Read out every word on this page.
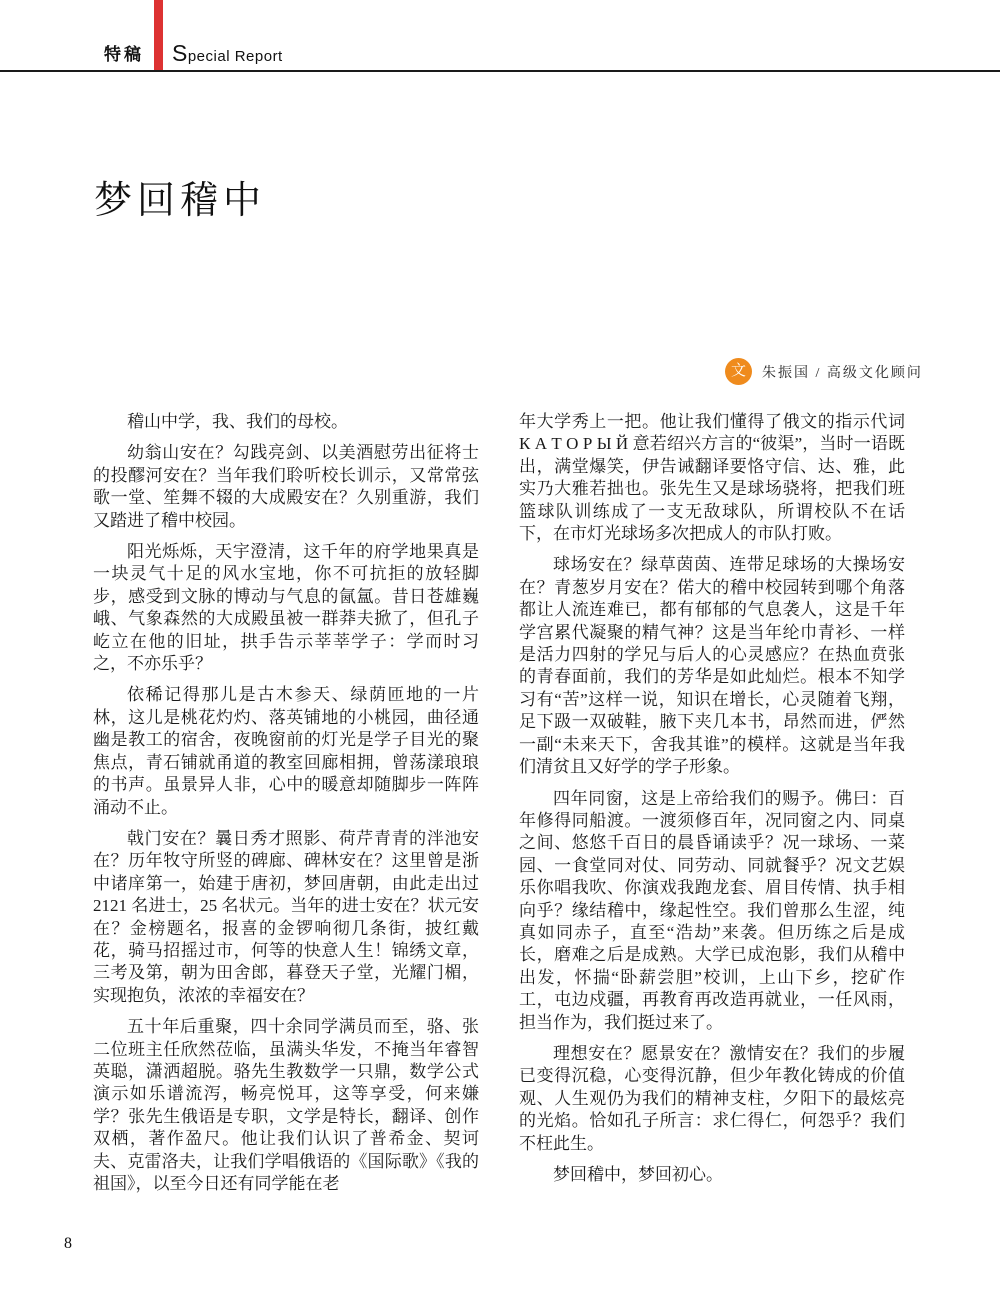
特稿 Special Report
梦回稽中
文	朱振国 / 高级文化顾问

稽山中学，我、我们的母校。

幼翁山安在？勾践亮剑、以美酒慰劳出征将士的投醪河安在？当年我们聆听校长训示，又常常弦歌一堂、笙舞不辍的大成殿安在？久别重游，我们又踏进了稽中校园。

阳光烁烁，天宇澄清，这千年的府学地果真是一块灵气十足的风水宝地，你不可抗拒的放轻脚步，感受到文脉的博动与气息的氤氲。昔日苍雄巍峨、气象森然的大成殿虽被一群莽夫掀了，但孔子屹立在他的旧址，拱手告示莘莘学子：学而时习之，不亦乐乎？

依稀记得那儿是古木参天、绿荫匝地的一片林，这儿是桃花灼灼、落英铺地的小桃园，曲径通幽是教工的宿舍，夜晚窗前的灯光是学子目光的聚焦点，青石铺就甬道的教室回廊相拥，曾荡漾琅琅的书声。虽景异人非，心中的暖意却随脚步一阵阵涌动不止。

戟门安在？曩日秀才照影、荷芹青青的泮池安在？历年牧守所竖的碑廊、碑林安在？这里曾是浙中诸庠第一，始建于唐初，梦回唐朝，由此走出过 2121 名进士，25 名状元。当年的进士安在？状元安在？金榜题名，报喜的金锣响彻几条街，披红戴花，骑马招摇过市，何等的快意人生！锦绣文章，三考及第，朝为田舍郎，暮登天子堂，光耀门楣，实现抱负，浓浓的幸福安在？

五十年后重聚，四十余同学满员而至，骆、张二位班主任欣然莅临，虽满头华发，不掩当年睿智英聪，潇洒超脱。骆先生教数学一只鼎，数学公式演示如乐谱流泻，畅亮悦耳，这等享受，何来嫌学？张先生俄语是专职，文学是特长，翻译、创作双栖，著作盈尺。他让我们认识了普希金、契诃夫、克雷洛夫，让我们学唱俄语的《国际歌》《我的祖国》，以至今日还有同学能在老

年大学秀上一把。他让我们懂得了俄文的指示代词 К А Т О Р Ы Й 意若绍兴方言的“彼渠”，当时一语既出，满堂爆笑，伊告诫翻译要恪守信、达、雅，此实乃大雅若拙也。张先生又是球场骁将，把我们班篮球队训练成了一支无敌球队，所谓校队不在话下，在市灯光球场多次把成人的市队打败。

球场安在？绿草茵茵、连带足球场的大操场安在？青葱岁月安在？偌大的稽中校园转到哪个角落都让人流连难已，都有郁郁的气息袭人，这是千年学宫累代凝聚的精气神？这是当年纶巾青衫、一样是活力四射的学兄与后人的心灵感应？在热血贲张的青春面前，我们的芳华是如此灿烂。根本不知学习有“苦”这样一说，知识在增长，心灵随着飞翔，足下趿一双破鞋，腋下夹几本书，昂然而进，俨然一副“未来天下，舍我其谁”的模样。这就是当年我们清贫且又好学的学子形象。

四年同窗，这是上帝给我们的赐予。佛曰：百年修得同船渡。一渡须修百年，况同窗之内、同桌之间、悠悠千百日的晨昏诵读乎？况一球场、一菜园、一食堂同对仗、同劳动、同就餐乎？况文艺娱乐你唱我吹、你演戏我跑龙套、眉目传情、执手相向乎？缘结稽中，缘起性空。我们曾那么生涩，纯真如同赤子，直至“浩劫”来袭。但历练之后是成长，磨难之后是成熟。大学已成泡影，我们从稽中出发，怀揣“卧薪尝胆”校训，上山下乡，挖矿作工，屯边戍疆，再教育再改造再就业，一任风雨，担当作为，我们挺过来了。

理想安在？愿景安在？激情安在？我们的步履已变得沉稳，心变得沉静，但少年教化铸成的价值观、人生观仍为我们的精神支柱，夕阳下的最炫亮的光焰。恰如孔子所言：求仁得仁，何怨乎？我们不枉此生。

梦回稽中，梦回初心。

8
